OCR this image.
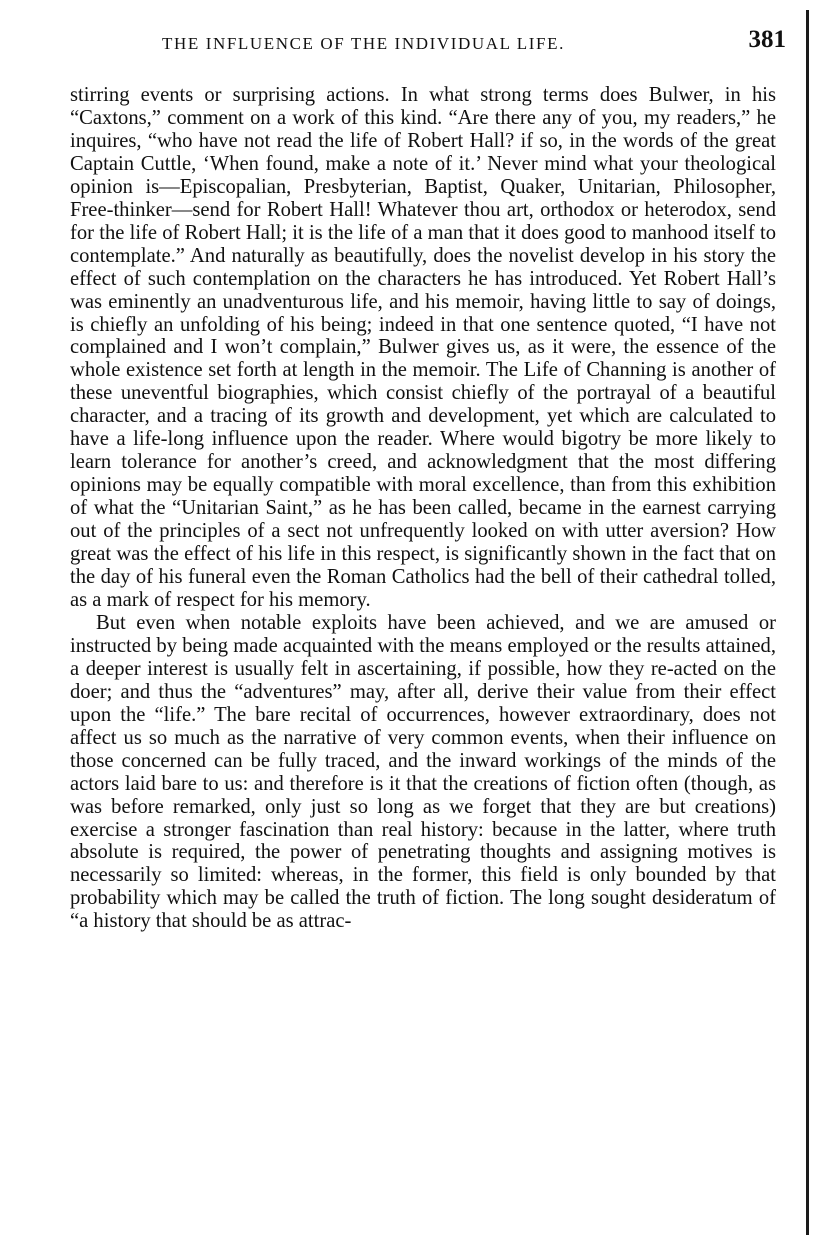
THE INFLUENCE OF THE INDIVIDUAL LIFE.	381

stirring events or surprising actions. In what strong terms does Bulwer, in his “Caxtons,” comment on a work of this kind. “Are there any of you, my readers,” he inquires, “who have not read the life of Robert Hall? if so, in the words of the great Captain Cuttle, ‘When found, make a note of it.’ Never mind what your theological opinion is—Episcopalian, Presbyterian, Baptist, Quaker, Unitarian, Philosopher, Free-thinker—send for Robert Hall! Whatever thou art, orthodox or heterodox, send for the life of Robert Hall; it is the life of a man that it does good to manhood itself to contemplate.” And naturally as beautifully, does the novelist develop in his story the effect of such contemplation on the characters he has introduced. Yet Robert Hall’s was eminently an unadventurous life, and his memoir, having little to say of doings, is chiefly an unfolding of his being; indeed in that one sentence quoted, “I have not complained and I won’t complain,” Bulwer gives us, as it were, the essence of the whole existence set forth at length in the memoir. The Life of Channing is another of these uneventful biographies, which consist chiefly of the portrayal of a beautiful character, and a tracing of its growth and development, yet which are calculated to have a life-long influence upon the reader. Where would bigotry be more likely to learn tolerance for another’s creed, and acknowledgment that the most differing opinions may be equally compatible with moral excellence, than from this exhibition of what the “Unitarian Saint,” as he has been called, became in the earnest carrying out of the principles of a sect not unfrequently looked on with utter aversion? How great was the effect of his life in this respect, is significantly shown in the fact that on the day of his funeral even the Roman Catholics had the bell of their cathedral tolled, as a mark of respect for his memory.

But even when notable exploits have been achieved, and we are amused or instructed by being made acquainted with the means employed or the results attained, a deeper interest is usually felt in ascertaining, if possible, how they re-acted on the doer; and thus the “adventures” may, after all, derive their value from their effect upon the “life.” The bare recital of occurrences, however extraordinary, does not affect us so much as the narrative of very common events, when their influence on those concerned can be fully traced, and the inward workings of the minds of the actors laid bare to us: and therefore is it that the creations of fiction often (though, as was before remarked, only just so long as we forget that they are but creations) exercise a stronger fascination than real history: because in the latter, where truth absolute is required, the power of penetrating thoughts and assigning motives is necessarily so limited: whereas, in the former, this field is only bounded by that probability which may be called the truth of fiction. The long sought desideratum of “a history that should be as attrac-
